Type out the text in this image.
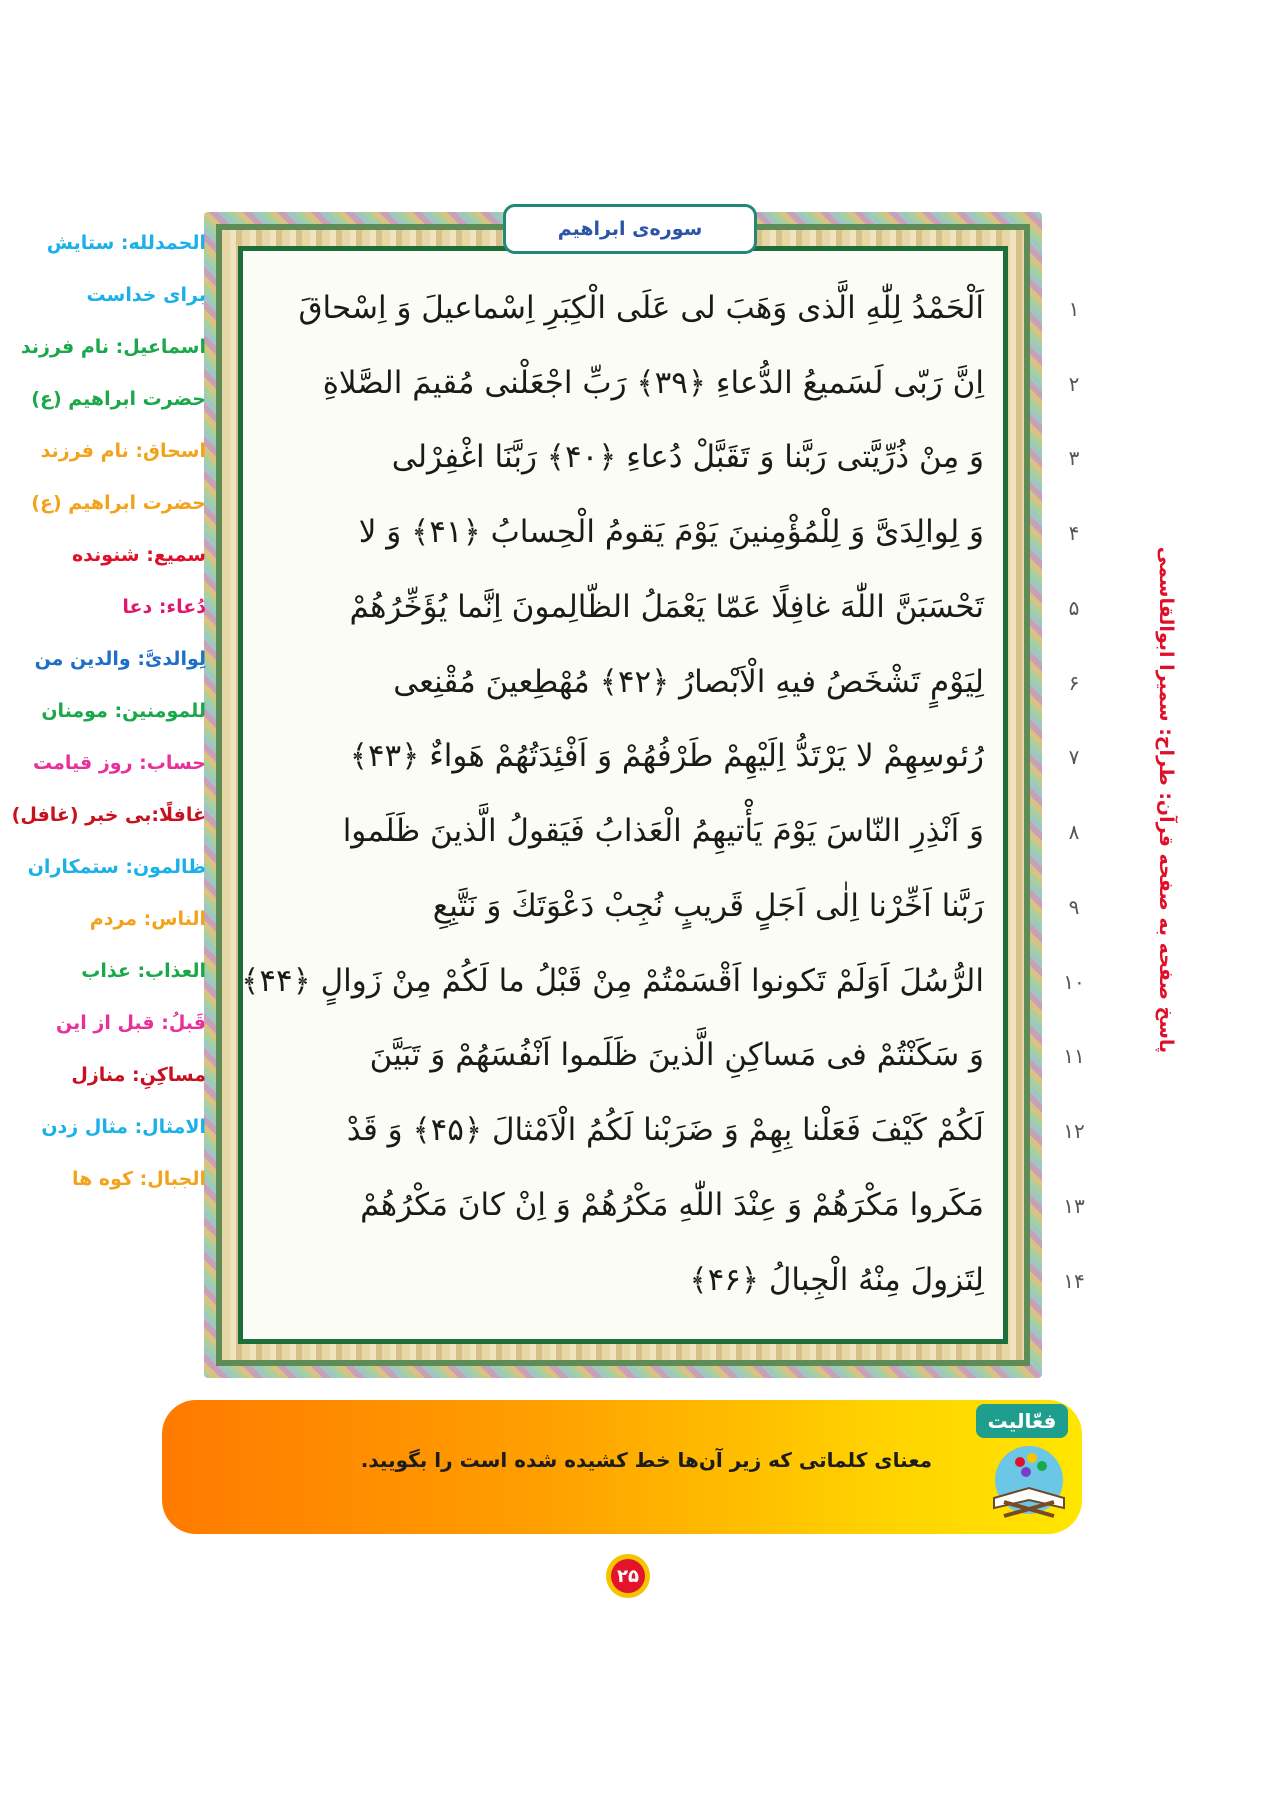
سوره‌ی ابراهیم
اَلْحَمْدُ لِلّٰهِ الَّذی وَهَبَ لی عَلَی الْکِبَرِ اِسْماعیلَ وَ اِسْحاقَ	۱
اِنَّ رَبّی لَسَمیعُ الدُّعاءِ ﴿۳۹﴾ رَبِّ اجْعَلْنی مُقیمَ الصَّلاةِ	۲
وَ مِنْ ذُرِّیَّتی رَبَّنا وَ تَقَبَّلْ دُعاءِ ﴿۴۰﴾ رَبَّنَا اغْفِرْلی	۳
وَ لِوالِدَیَّ وَ لِلْمُؤْمِنینَ یَوْمَ یَقومُ الْحِسابُ ﴿۴۱﴾ وَ لا	۴
تَحْسَبَنَّ اللّٰهَ غافِلًا عَمّا یَعْمَلُ الظّالِمونَ اِنَّما یُؤَخِّرُهُمْ	۵
لِیَوْمٍ تَشْخَصُ فیهِ الْاَبْصارُ ﴿۴۲﴾ مُهْطِعینَ مُقْنِعی	۶
رُئوسِهِمْ لا یَرْتَدُّ اِلَیْهِمْ طَرْفُهُمْ وَ اَفْئِدَتُهُمْ هَواءٌ ﴿۴۳﴾	۷
وَ اَنْذِرِ النّاسَ یَوْمَ یَأْتیهِمُ الْعَذابُ فَیَقولُ الَّذینَ ظَلَموا	۸
رَبَّنا اَخِّرْنا اِلٰی اَجَلٍ قَریبٍ نُجِبْ دَعْوَتَكَ وَ نَتَّبِعِ	۹
الرُّسُلَ اَوَلَمْ تَکونوا اَقْسَمْتُمْ مِنْ قَبْلُ ما لَکُمْ مِنْ زَوالٍ ﴿۴۴﴾	۱۰
وَ سَکَنْتُمْ فی مَساکِنِ الَّذینَ ظَلَموا اَنْفُسَهُمْ وَ تَبَیَّنَ	۱۱
لَکُمْ کَیْفَ فَعَلْنا بِهِمْ وَ ضَرَبْنا لَکُمُ الْاَمْثالَ ﴿۴۵﴾ وَ قَدْ	۱۲
مَکَروا مَکْرَهُمْ وَ عِنْدَ اللّٰهِ مَکْرُهُمْ وَ اِنْ کانَ مَکْرُهُمْ	۱۳
لِتَزولَ مِنْهُ الْجِبالُ ﴿۴۶﴾	۱۴
الحمدلله: ستایش
برای خداست
اسماعیل: نام فرزند
حضرت ابراهیم (ع)
اسحاق: نام فرزند
حضرت ابراهیم (ع)
سمیع: شنونده
دُعاء: دعا
لِوالدیَّ: والدین من
للمومنین: مومنان
حساب: روز قیامت
غافلًا:بی خبر (غافل)
ظالمون: ستمکاران
الناس: مردم
العذاب: عذاب
قَبلُ: قبل از این
مساکِنِ: منازل
الامثال: مثال زدن
الجبال: کوه ها
پاسخ صفحه به صفحه قرآن: طراح: سمیرا ابوالقاسمی
فعّالیت
معنای کلماتی که زیر آن‌ها خط کشیده شده است را بگویید.
۲۵
